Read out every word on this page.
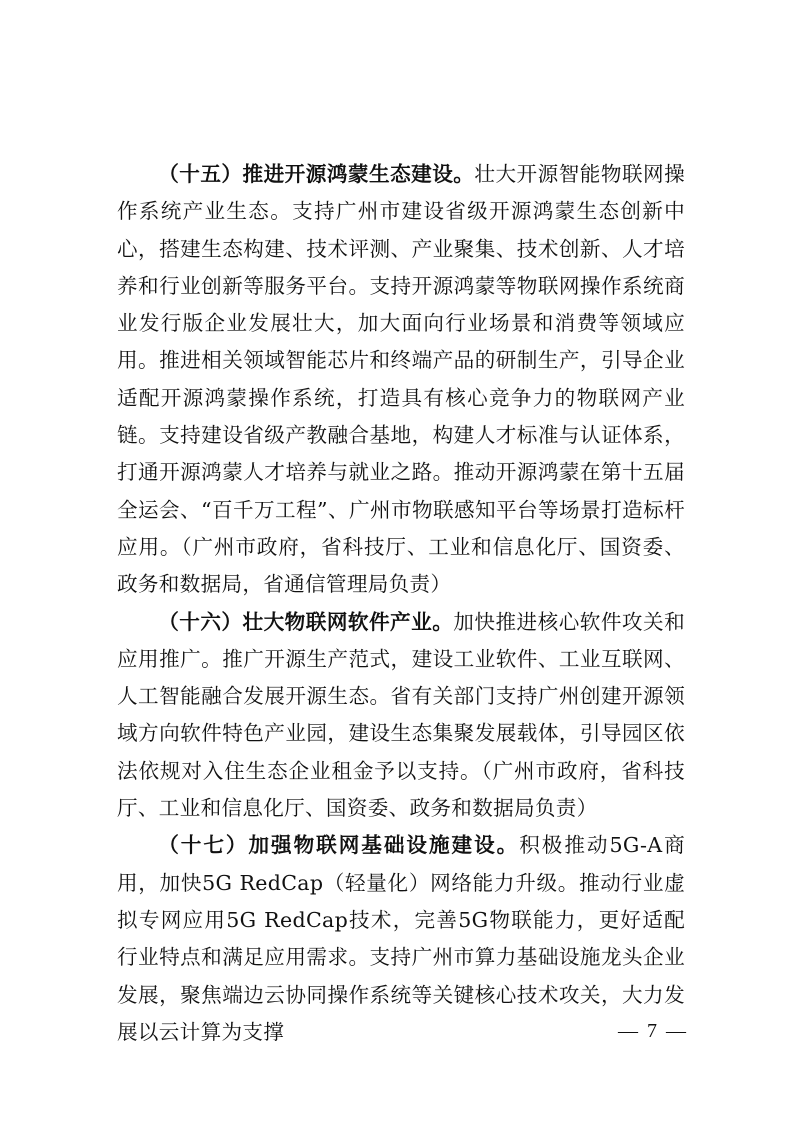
（十五）推进开源鸿蒙生态建设。壮大开源智能物联网操作系统产业生态。支持广州市建设省级开源鸿蒙生态创新中心，搭建生态构建、技术评测、产业聚集、技术创新、人才培养和行业创新等服务平台。支持开源鸿蒙等物联网操作系统商业发行版企业发展壮大，加大面向行业场景和消费等领域应用。推进相关领域智能芯片和终端产品的研制生产，引导企业适配开源鸿蒙操作系统，打造具有核心竞争力的物联网产业链。支持建设省级产教融合基地，构建人才标准与认证体系，打通开源鸿蒙人才培养与就业之路。推动开源鸿蒙在第十五届全运会、“百千万工程”、广州市物联感知平台等场景打造标杆应用。（广州市政府，省科技厅、工业和信息化厅、国资委、政务和数据局，省通信管理局负责）

（十六）壮大物联网软件产业。加快推进核心软件攻关和应用推广。推广开源生产范式，建设工业软件、工业互联网、人工智能融合发展开源生态。省有关部门支持广州创建开源领域方向软件特色产业园，建设生态集聚发展载体，引导园区依法依规对入住生态企业租金予以支持。（广州市政府，省科技厅、工业和信息化厅、国资委、政务和数据局负责）

（十七）加强物联网基础设施建设。积极推动5G-A商用，加快5G RedCap（轻量化）网络能力升级。推动行业虚拟专网应用5G RedCap技术，完善5G物联能力，更好适配行业特点和满足应用需求。支持广州市算力基础设施龙头企业发展，聚焦端边云协同操作系统等关键核心技术攻关，大力发展以云计算为支撑	— 7 —
